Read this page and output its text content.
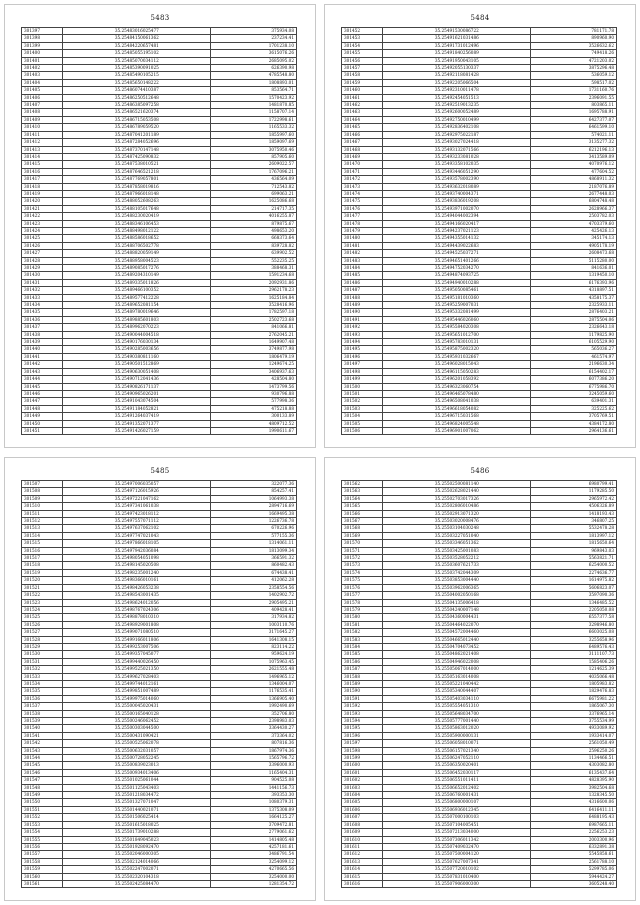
5483
301397	35.25483016025477	375934.08
301398	35.25484150061362	237234.41
301399	35.25484220657481	1701238.10
301400	35.25485055195102	3615076.26
301401	35.25485070034112	2685095.02
301402	35.25485390091025	626390.98
301403	35.25485490105215	4785548.80
301404	35.25485650148222	1808893.01
301405	35.25486074410387	853564.71
301406	35.25486250512648	1570423.92
301407	35.25486385097258	1481870.85
301408	35.25486521620374	1158707.14
301409	35.25486715053508	1722998.61
301410	35.25486789059520	1165533.32
301411	35.25487041201189	1855997.60
301412	35.25487284052696	1859097.69
301413	35.25487370147148	3075950.46
301414	35.25487425090832	857905.60
301415	35.25487538010521	2609022.57
301416	35.25487646521218	1767096.21
301417	35.25487769057801	436564.09
301418	35.25487858019816	712543.82
301419	35.25487966018148	699063.21
301420	35.25488052608263	1625086.68
301421	35.25488105017648	214717.35
301422	35.25488230020419	4016255.87
301423	35.25488346106453	879875.67
301424	35.25488498012122	498653.20
301425	35.25488586018652	668373.64
301426	35.25488706502778	839728.82
301427	35.25488820059149	639902.52
301428	35.25488958004523	552235.25
301429	35.25489085017276	388468.31
301430	35.25489204310149	1591234.68
301431	35.25489335011826	2092931.86
301432	35.25489466100352	2962178.23
301433	35.25489577412228	1625184.84
301434	35.25489652081154	3528416.96
301435	35.25489780019646	1782597.18
301436	35.25489885601803	2502723.68
301437	35.25489962070223	841066.81
301438	35.25490044004518	2762045.21
301439	35.25490176030134	1649907.48
301440	35.25490285003656	3749877.98
301441	35.25490380811160	1806479.19
301442	35.25490501512869	1249674.25
301443	35.25490630051408	3406937.63
301444	35.25490712041436	428504.80
301445	35.25490826171137	1473799.56
301446	35.25490965026201	930796.88
301447	35.25491043074504	577998.36
301448	35.25491184052821	475218.88
301449	35.25491264037419	300133.89
301450	35.25491352071377	4809712.52
301451	35.25491426027159	1990611.67
5484
301452	35.25491530086722	781171.78
301453	35.25491621031486	890960.90
301454	35.25491731012496	3526632.62
301455	35.25491840256089	749418.26
301456	35.25491950043105	4721203.02
301457	35.25492055130337	3875296.48
301458	35.25492118081428	536059.12
301459	35.25492205066504	598517.02
301460	35.25492310011478	1731160.76
301461	35.25492454051513	2396091.55
301462	35.25492519013235	803865.11
301463	35.25492600052489	1695788.91
301464	35.25492750010499	6427377.07
301465	35.25492836402108	6461599.10
301466	35.25492975022187	574021.11
301467	35.25493027024418	3135277.32
301468	35.25493132071566	6212196.13
301469	35.25493233081028	3413589.09
301470	35.25493358102035	4070976.12
301471	35.25493446051290	477604.52
301472	35.25493578002390	4868911.32
301473	35.25493632018089	2187076.89
301474	35.25493740004371	2677448.03
301475	35.25493836019208	6804748.48
301476	35.25493971002070	2628966.37
301477	35.25494044002394	2503782.03
301478	35.25494166020417	4703379.60
301479	35.25494237021123	425426.13
301480	35.25494355014132	345174.13
301481	35.25494439022683	4905178.19
301482	35.25494525037271	2608473.68
301483	35.25494651401266	5115280.00
301484	35.25494752034270	841636.01
301485	35.25494874093725	1319450.10
301486	35.25494940010288	6176393.96
301487	35.25495050085461	4318897.51
301488	35.25495181010360	4358175.37
301489	35.25495259007031	2325933.11
301490	35.25495332081499	2876403.21
301491	35.25495446026060	2875504.06
301492	35.25495584020308	2326643.18
301493	35.25495651012700	1179825.90
301494	35.25495783010131	6105529.90
301495	35.25495875002320	565036.27
301496	35.25495931032667	461574.97
301497	35.25496028015043	2196630.34
301498	35.25496115050283	6154402.17
301499	35.25496201058392	6077386.20
301500	35.25496323060754	6775986.70
301501	35.25496465078480	3245059.60
301502	35.25496508041038	639401.31
301503	35.25496618054082	325225.62
301504	35.25496715031568	3705769.51
301505	35.25496824005548	4384172.80
301506	35.25496901007062	2964136.61
5485
301507	35.25497006035057	322077.36
301508	35.25497126015926	854257.41
301509	35.25497221047162	1064993.38
301510	35.25497341061038	2894716.69
301511	35.25497423018112	1669495.38
301512	35.25497557071112	1226736.78
301513	35.25497637062102	670226.96
301514	35.25497747021043	577155.36
301515	35.25497866018105	1314061.11
301516	35.25497942036084	1813099.34
301517	35.25498054051098	366591.32
301518	35.25498145020508	860482.43
301519	35.25498235001240	674438.41
301520	35.25498366010161	412062.28
301521	35.25498426053238	2358554.56
301522	35.25498543001435	1402902.72
301523	35.25498624012056	2905495.21
301524	35.25498767024306	409428.41
301525	35.25498878010310	317934.82
301526	35.25498929001808	1003110.76
301527	35.25499071080510	3171645.27
301528	35.25499166011806	1641308.15
301529	35.25499253007506	823114.22
301530	35.25499357045077	959624.19
301531	35.25499440026450	1075963.45
301532	35.25499525021350	2621555.48
301533	35.25499627028403	1496965.12
301534	35.25499744012161	1346004.07
301535	35.25499851007489	1176535.41
301536	35.25499975014060	1366905.40
301537	35.25500045020431	1992490.69
301538	35.25500165040128	352706.80
301539	35.25500246062452	2398983.03
301540	35.25500303044500	3364430.27
301541	35.25500431090421	373364.02
301542	35.25500525062078	807816.36
301543	35.25500632031057	1867974.36
301544	35.25500728052245	1565796.72
301545	35.25500839023013	3396000.93
301546	35.25500934013406	1165404.31
301547	35.25501025061044	904525.08
301548	35.25501125043403	1441156.73
301549	35.25501218034472	393353.30
301550	35.25501327071047	1080379.31
301551	35.25501440021071	1375308.09
301552	35.25501506025414	1664125.27
301553	35.25501615018025	3709472.81
301554	35.25501739010288	2779061.62
301555	35.25501849045023	1414805.48
301556	35.25501928092470	4257181.61
301557	35.25502046000305	3486791.54
301558	35.25502124014066	3254099.12
301559	35.25502247002071	4270665.56
301560	35.25502320104318	3254000.00
301561	35.25502425084470	1281354.72
5486
301562	35.25502500081140	6980799.41
301563	35.25502628021440	1179285.50
301564	35.25502703017326	2965972.42
301565	35.25502806010486	4506326.89
301566	35.25502913071320	1418193.43
301567	35.25503020008476	346807.25
301568	35.25503104030248	5532478.28
301569	35.25503227051040	1813997.12
301570	35.25503346051362	1815650.64
301571	35.25503425001083	969843.03
301572	35.25503528052212	5563821.71
301573	35.25503607621733	6254000.52
301574	35.25503742044309	2274636.77
301575	35.25503853004440	1614975.82
301576	35.25503962006365	5606823.07
301577	35.25504002050168	3597090.36
301578	35.25504135006418	1346485.52
301579	35.25504240007148	2205050.08
301580	35.25504360004431	6557377.58
301581	35.25504464022070	3298946.80
301582	35.25504572004460	6603025.08
301583	35.25504665012440	3255658.96
301584	35.25504704073452	6489576.43
301585	35.25504862021408	3111107.73
301586	35.25504946022008	1585406.26
301587	35.25505067014000	1214625.39
301588	35.25505163014008	4035066.48
301589	35.25505221040442	1805983.82
301590	35.25505340044407	1829476.83
301591	35.25505403034110	6675981.22
301592	35.25505554051310	1865067.30
301593	35.25505648034700	3376965.14
301594	35.25505777001440	3755534.99
301595	35.25505863012020	4933089.92
301596	35.25505900000131	1933414.07
301597	35.25506058010071	2561050.49
301598	35.25506157021340	2596250.26
301599	35.25506247052110	1134466.51
301600	35.25506350020401	4303082.80
301601	35.25506452030117	6135437.64
301602	35.25506551011411	4828395.90
301603	35.25506652012402	3982504.68
301604	35.25506760001431	1328345.50
301605	35.25506800000107	4316600.06
301606	35.25506936012345	6416411.11
301607	35.25507000100103	6488195.43
301608	35.25507104005451	6987665.11
301609	35.25507213034000	2256253.23
301610	35.25507306011342	2003300.96
301611	35.25507409032470	6332891.38
301612	35.25507500004120	5545858.61
301613	35.25507627007341	2561788.10
301614	35.25507720010102	5299785.06
301615	35.25507831010400	5944424.27
301616	35.25507906000300	3605248.40
